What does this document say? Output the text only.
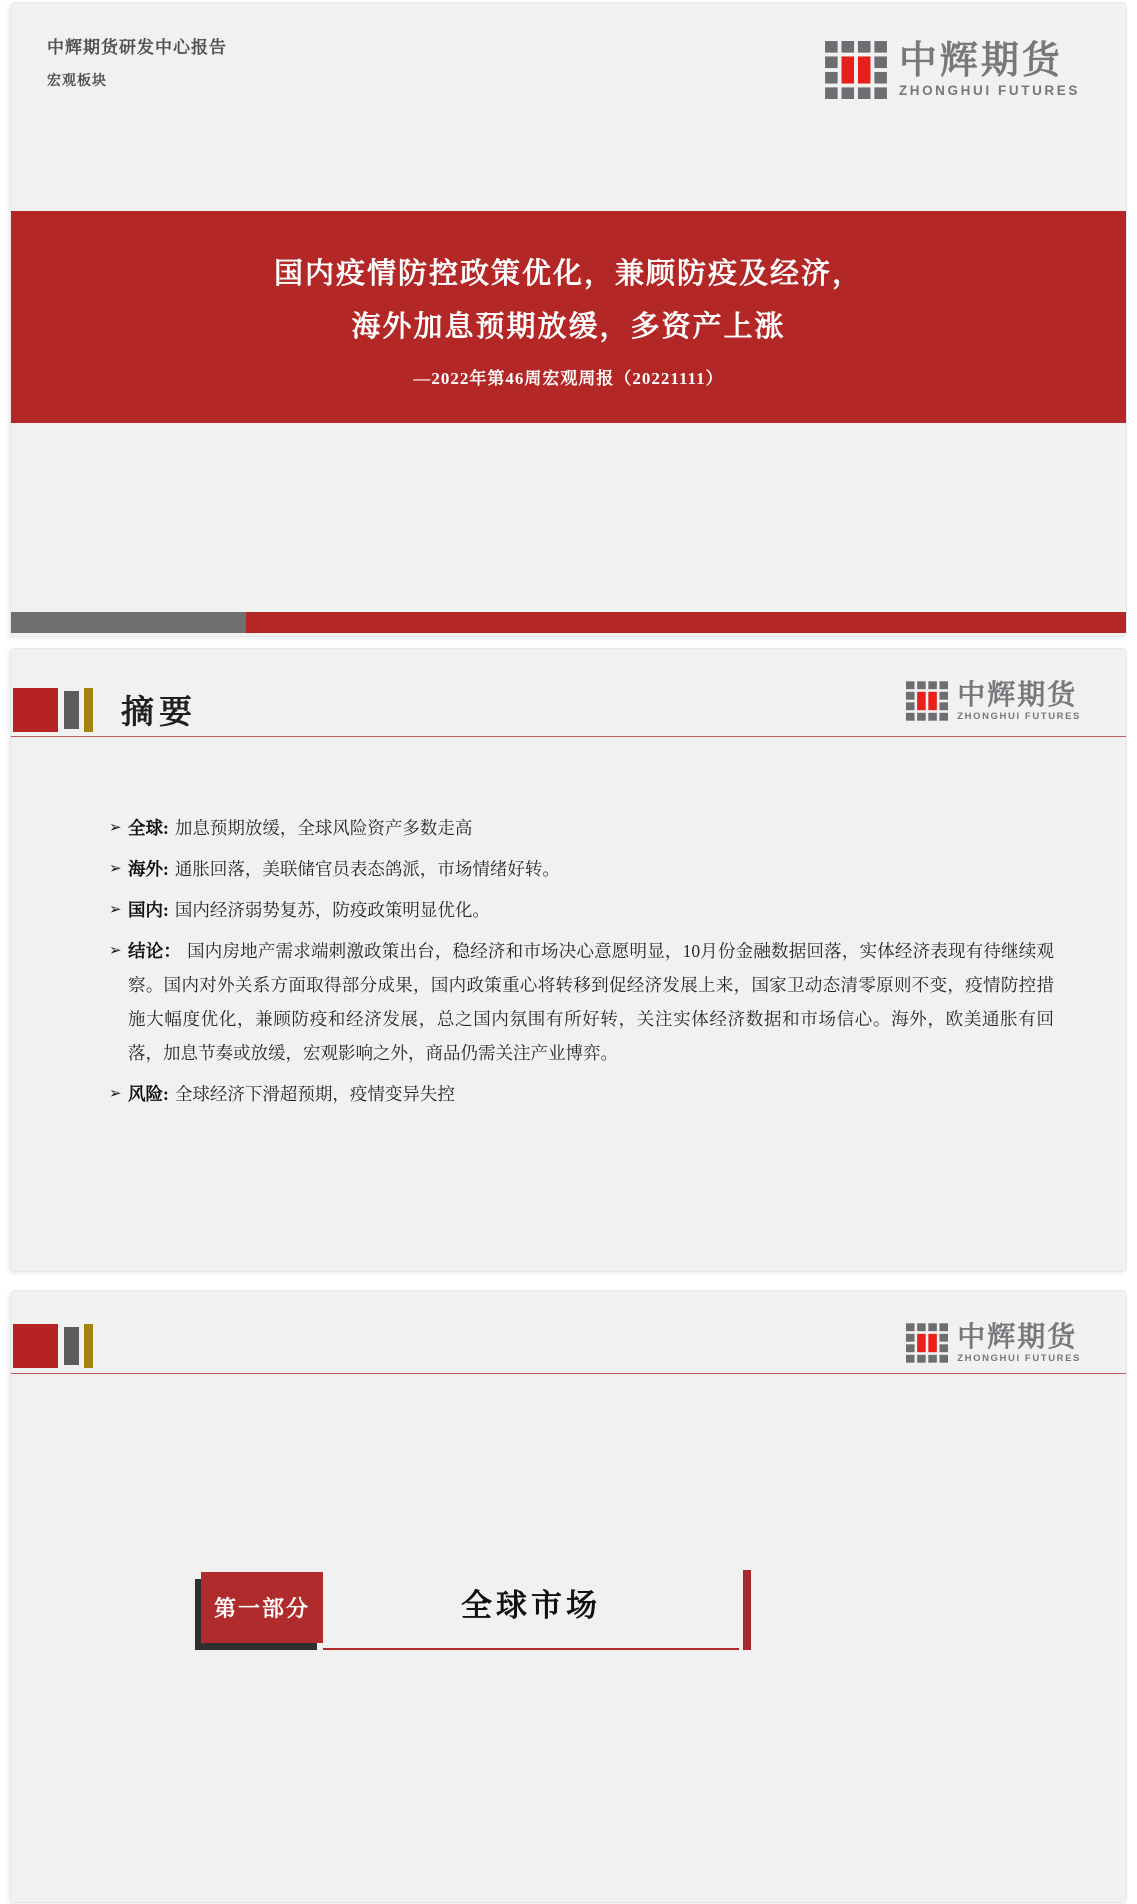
中辉期货研发中心报告
宏观板块	中辉期货
ZHONGHUI FUTURES
国内疫情防控政策优化，兼顾防疫及经济，
海外加息预期放缓，多资产上涨
—2022年第46周宏观周报（20221111）
摘要
中辉期货
ZHONGHUI FUTURES
➢ 全球: 加息预期放缓，全球风险资产多数走高
➢ 海外: 通胀回落，美联储官员表态鸽派，市场情绪好转。
➢ 国内: 国内经济弱势复苏，防疫政策明显优化。
➢ 结论： 国内房地产需求端刺激政策出台，稳经济和市场决心意愿明显，10月份金融数据回落，实体经济表现有待继续观察。国内对外关系方面取得部分成果，国内政策重心将转移到促经济发展上来，国家卫动态清零原则不变，疫情防控措施大幅度优化，兼顾防疫和经济发展，总之国内氛围有所好转，关注实体经济数据和市场信心。海外，欧美通胀有回落，加息节奏或放缓，宏观影响之外，商品仍需关注产业博弈。
➢ 风险: 全球经济下滑超预期，疫情变异失控
中辉期货
ZHONGHUI FUTURES
第一部分	全球市场
